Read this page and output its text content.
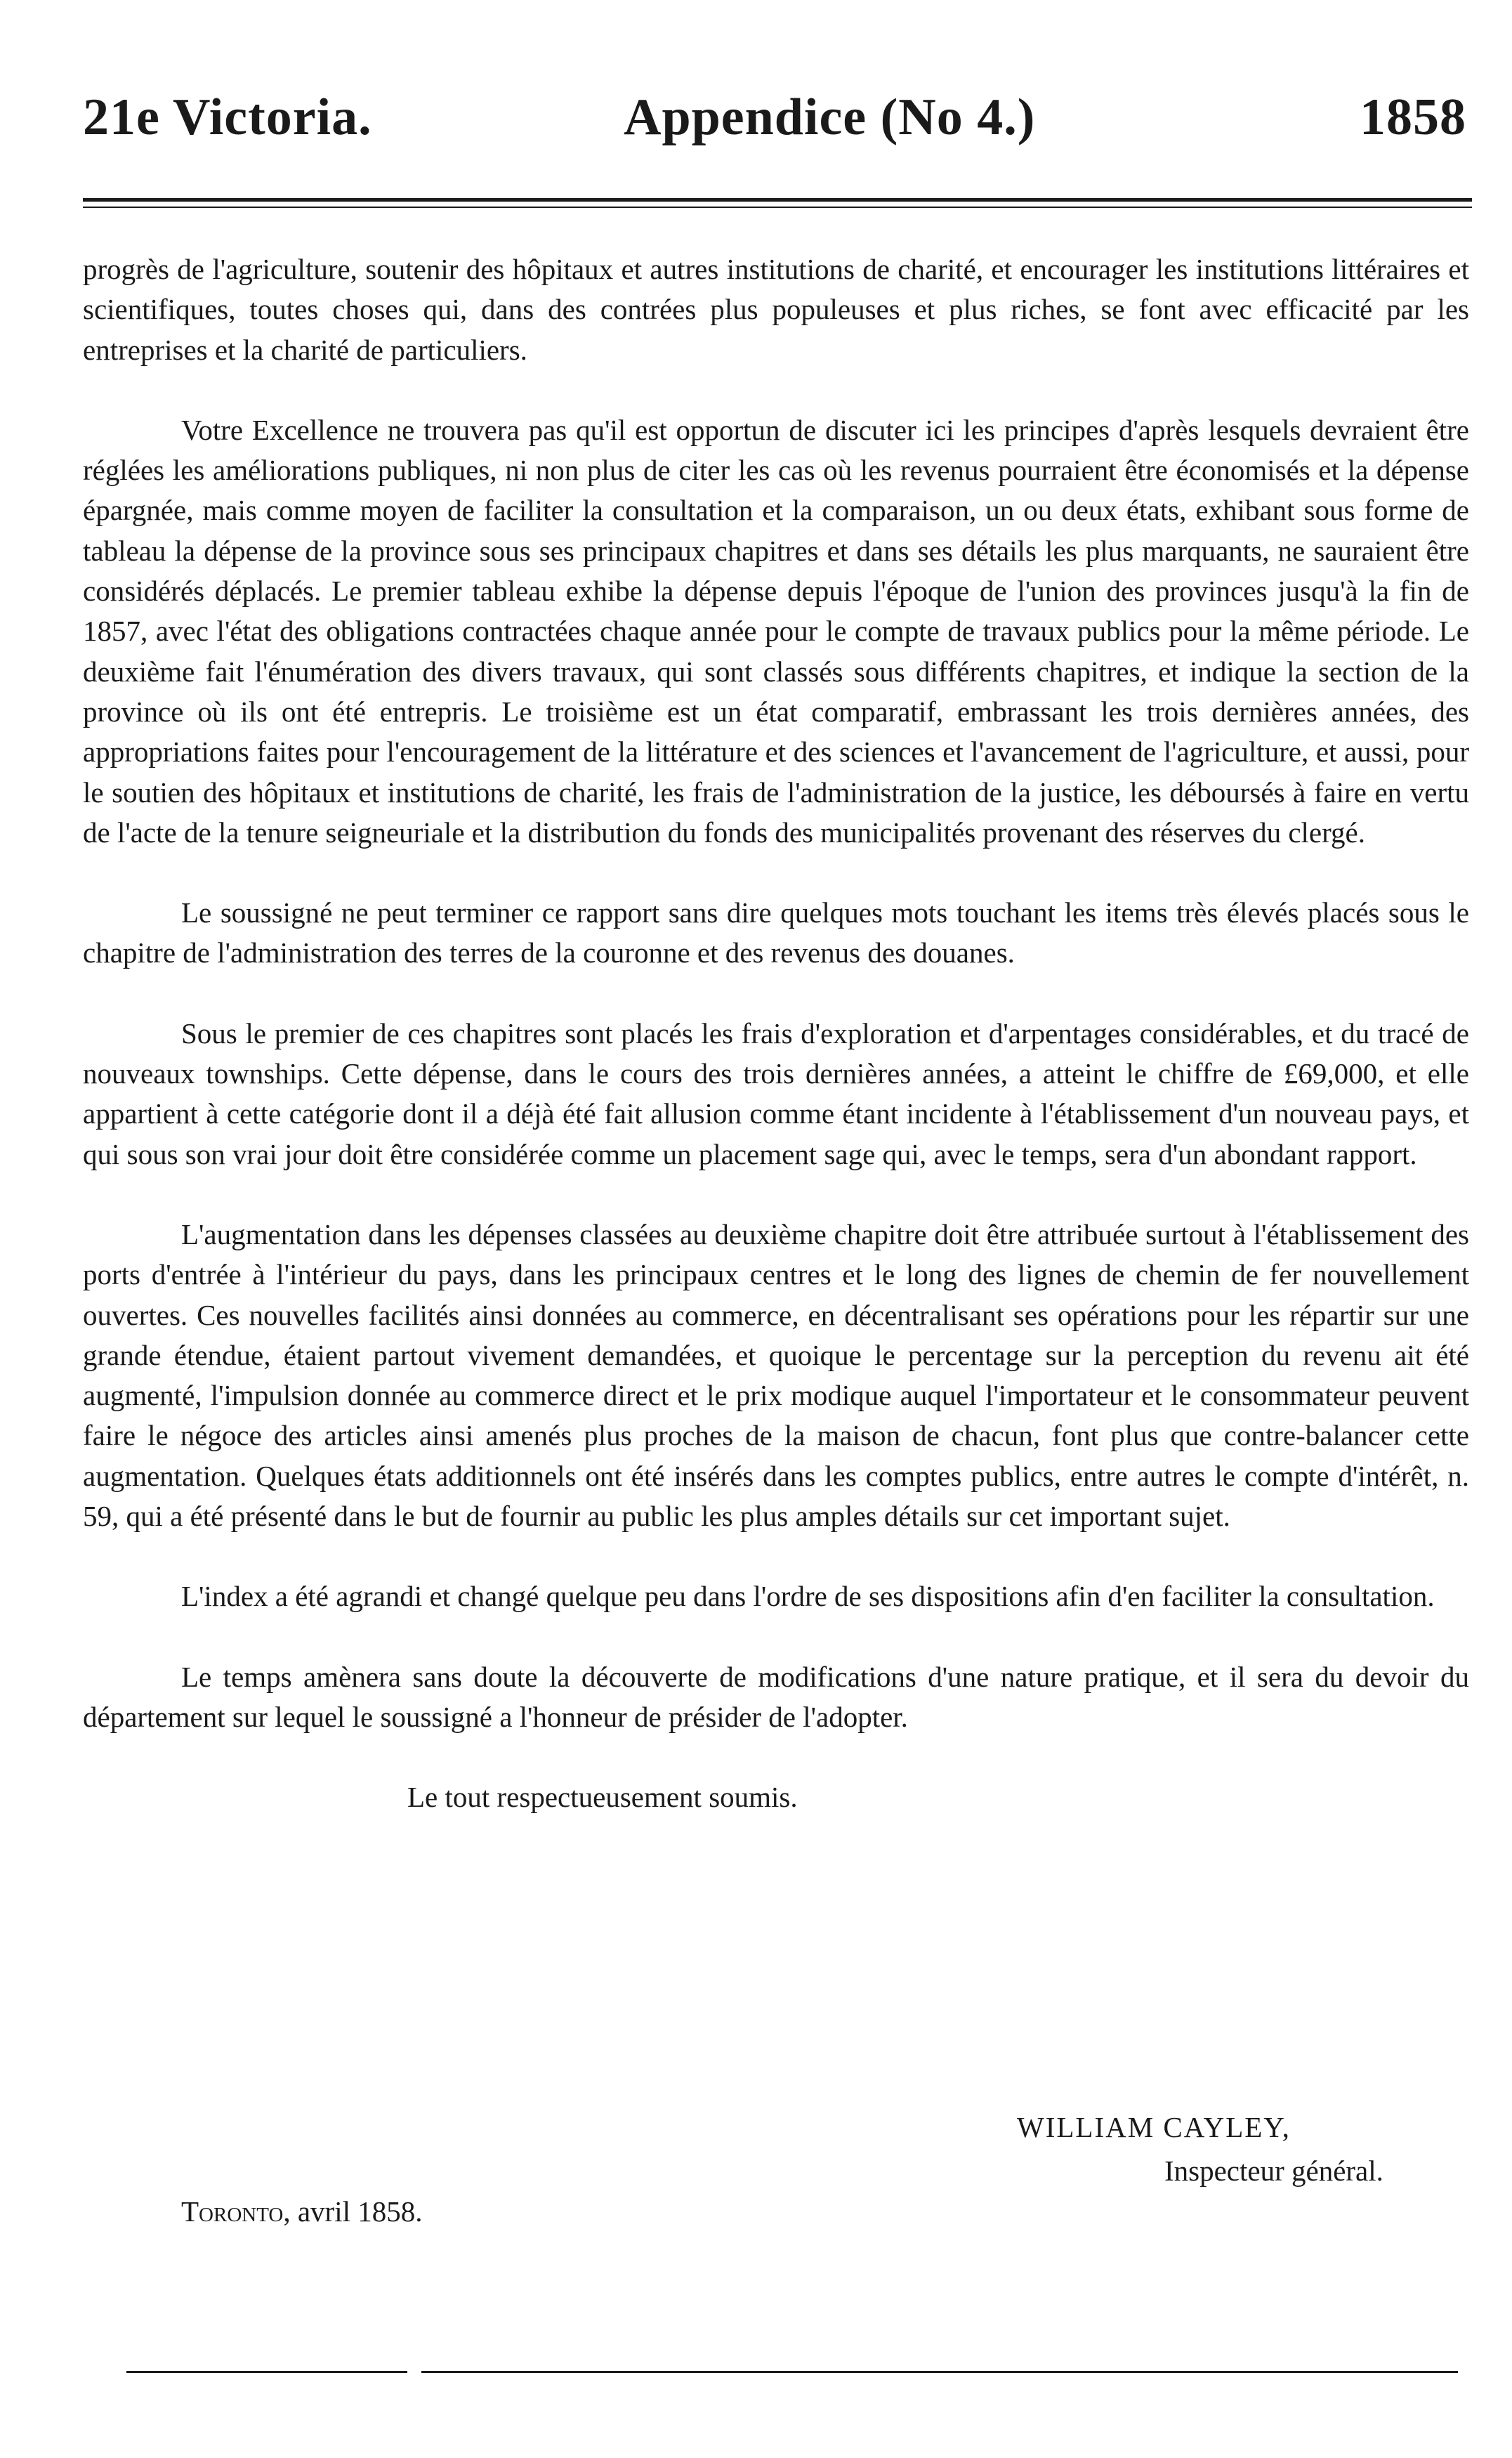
21e Victoria.	Appendice (No 4.)	1858

progrès de l'agriculture, soutenir des hôpitaux et autres institutions de charité, et encourager les institutions littéraires et scientifiques, toutes choses qui, dans des contrées plus populeuses et plus riches, se font avec efficacité par les entreprises et la charité de particuliers.

Votre Excellence ne trouvera pas qu'il est opportun de discuter ici les principes d'après lesquels devraient être réglées les améliorations publiques, ni non plus de citer les cas où les revenus pourraient être économisés et la dépense épargnée, mais comme moyen de faciliter la consultation et la comparaison, un ou deux états, exhibant sous forme de tableau la dépense de la province sous ses principaux chapitres et dans ses détails les plus marquants, ne sauraient être considérés déplacés. Le premier tableau exhibe la dépense depuis l'époque de l'union des provinces jusqu'à la fin de 1857, avec l'état des obligations contractées chaque année pour le compte de travaux publics pour la même période. Le deuxième fait l'énumération des divers travaux, qui sont classés sous différents chapitres, et indique la section de la province où ils ont été entrepris. Le troisième est un état comparatif, embrassant les trois dernières années, des appropriations faites pour l'encouragement de la littérature et des sciences et l'avancement de l'agriculture, et aussi, pour le soutien des hôpitaux et institutions de charité, les frais de l'administration de la justice, les déboursés à faire en vertu de l'acte de la tenure seigneuriale et la distribution du fonds des municipalités provenant des réserves du clergé.

Le soussigné ne peut terminer ce rapport sans dire quelques mots touchant les items très élevés placés sous le chapitre de l'administration des terres de la couronne et des revenus des douanes.

Sous le premier de ces chapitres sont placés les frais d'exploration et d'arpentages considérables, et du tracé de nouveaux townships. Cette dépense, dans le cours des trois dernières années, a atteint le chiffre de £69,000, et elle appartient à cette catégorie dont il a déjà été fait allusion comme étant incidente à l'établissement d'un nouveau pays, et qui sous son vrai jour doit être considérée comme un placement sage qui, avec le temps, sera d'un abondant rapport.

L'augmentation dans les dépenses classées au deuxième chapitre doit être attribuée surtout à l'établissement des ports d'entrée à l'intérieur du pays, dans les principaux centres et le long des lignes de chemin de fer nouvellement ouvertes. Ces nouvelles facilités ainsi données au commerce, en décentralisant ses opérations pour les répartir sur une grande étendue, étaient partout vivement demandées, et quoique le percentage sur la perception du revenu ait été augmenté, l'impulsion donnée au commerce direct et le prix modique auquel l'importateur et le consommateur peuvent faire le négoce des articles ainsi amenés plus proches de la maison de chacun, font plus que contre-balancer cette augmentation. Quelques états additionnels ont été insérés dans les comptes publics, entre autres le compte d'intérêt, n. 59, qui a été présenté dans le but de fournir au public les plus amples détails sur cet important sujet.

L'index a été agrandi et changé quelque peu dans l'ordre de ses dispositions afin d'en faciliter la consultation.

Le temps amènera sans doute la découverte de modifications d'une nature pratique, et il sera du devoir du département sur lequel le soussigné a l'honneur de présider de l'adopter.

Le tout respectueusement soumis.

WILLIAM CAYLEY,
Inspecteur général.
Toronto, avril 1858.
